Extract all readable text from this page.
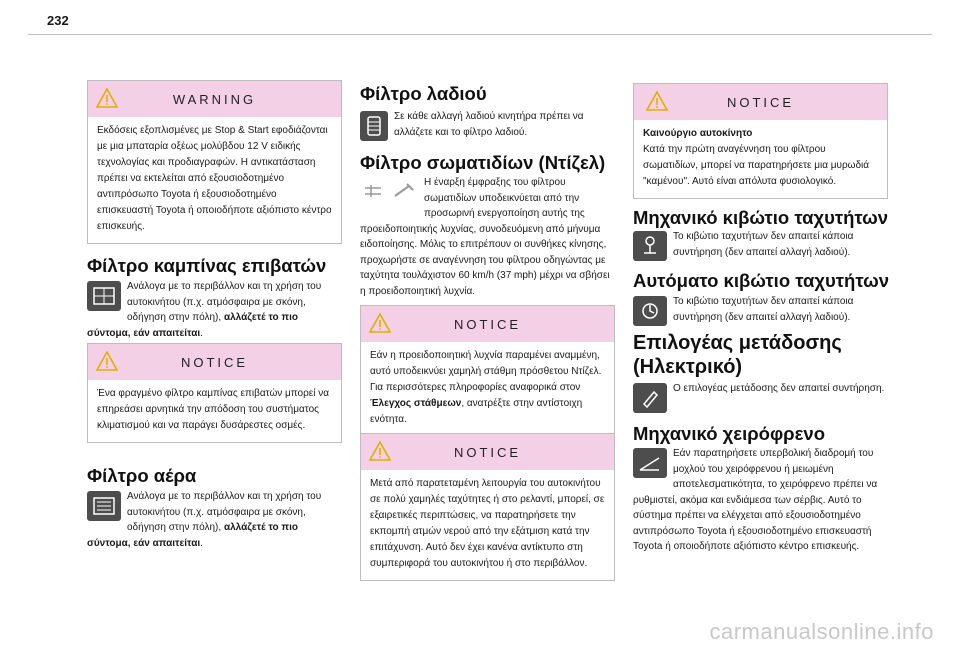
232
WARNING
Εκδόσεις εξοπλισμένες με Stop & Start εφοδιάζονται με μια μπαταρία οξέως μολύβδου 12 V ειδικής τεχνολογίας και προδιαγραφών. Η αντικατάσταση πρέπει να εκτελείται από εξουσιοδοτημένο αντιπρόσωπο Toyota ή εξουσιοδοτημένο επισκευαστή Toyota ή οποιοδήποτε αξιόπιστο κέντρο επισκευής.
Φίλτρο καμπίνας επιβατών
Ανάλογα με το περιβάλλον και τη χρήση του αυτοκινήτου (π.χ. ατμόσφαιρα με σκόνη, οδήγηση στην πόλη), αλλάζετέ το πιο σύντομα, εάν απαιτείται.
NOTICE
Ένα φραγμένο φίλτρο καμπίνας επιβατών μπορεί να επηρεάσει αρνητικά την απόδοση του συστήματος κλιματισμού και να παράγει δυσάρεστες οσμές.
Φίλτρο αέρα
Ανάλογα με το περιβάλλον και τη χρήση του αυτοκινήτου (π.χ. ατμόσφαιρα με σκόνη, οδήγηση στην πόλη), αλλάζετέ το πιο σύντομα, εάν απαιτείται.
Φίλτρο λαδιού
Σε κάθε αλλαγή λαδιού κινητήρα πρέπει να αλλάζετε και το φίλτρο λαδιού.
Φίλτρο σωματιδίων (Ντίζελ)
Η έναρξη έμφραξης του φίλτρου σωματιδίων υποδεικνύεται από την προσωρινή ενεργοποίηση αυτής της προειδοποιητικής λυχνίας, συνοδευόμενη από μήνυμα ειδοποίησης. Μόλις το επιτρέπουν οι συνθήκες κίνησης, προχωρήστε σε αναγέννηση του φίλτρου οδηγώντας με ταχύτητα τουλάχιστον 60 km/h (37 mph) μέχρι να σβήσει η προειδοποιητική λυχνία.
NOTICE
Εάν η προειδοποιητική λυχνία παραμένει αναμμένη, αυτό υποδεικνύει χαμηλή στάθμη πρόσθετου Ντίζελ. Για περισσότερες πληροφορίες αναφορικά στον Έλεγχος στάθμεων, ανατρέξτε στην αντίστοιχη ενότητα.
NOTICE
Μετά από παρατεταμένη λειτουργία του αυτοκινήτου σε πολύ χαμηλές ταχύτητες ή στο ρελαντί, μπορεί, σε εξαιρετικές περιπτώσεις, να παρατηρήσετε την εκπομπή ατμών νερού από την εξάτμιση κατά την επιτάχυνση. Αυτό δεν έχει κανένα αντίκτυπο στη συμπεριφορά του αυτοκινήτου ή στο περιβάλλον.
NOTICE
Καινούργιο αυτοκίνητο
Κατά την πρώτη αναγέννηση του φίλτρου σωματιδίων, μπορεί να παρατηρήσετε μια μυρωδιά "καμένου". Αυτό είναι απόλυτα φυσιολογικό.
Μηχανικό κιβώτιο ταχυτήτων
Το κιβώτιο ταχυτήτων δεν απαιτεί κάποια συντήρηση (δεν απαιτεί αλλαγή λαδιού).
Αυτόματο κιβώτιο ταχυτήτων
Το κιβώτιο ταχυτήτων δεν απαιτεί κάποια συντήρηση (δεν απαιτεί αλλαγή λαδιού).
Επιλογέας μετάδοσης
(Ηλεκτρικό)
Ο επιλογέας μετάδοσης δεν απαιτεί συντήρηση.
Μηχανικό χειρόφρενο
Εάν παρατηρήσετε υπερβολική διαδρομή του μοχλού του χειρόφρενου ή μειωμένη αποτελεσματικότητα, το χειρόφρενο πρέπει να ρυθμιστεί, ακόμα και ενδιάμεσα των σέρβις. Αυτό το σύστημα πρέπει να ελέγχεται από εξουσιοδοτημένο αντιπρόσωπο Toyota ή εξουσιοδοτημένο επισκευαστή Toyota ή οποιοδήποτε αξιόπιστο κέντρο επισκευής.
carmanualsonline.info
